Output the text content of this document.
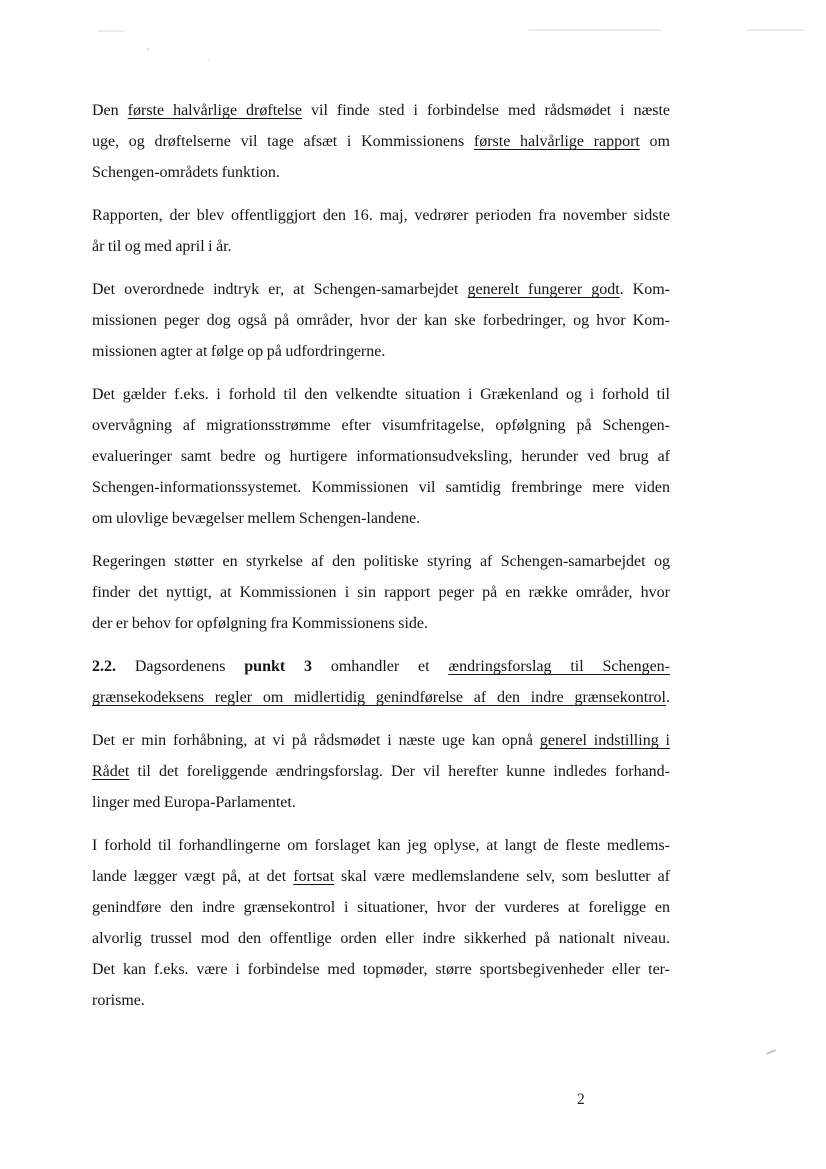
ʻ	ˌ
Den første halvårlige drøftelse vil finde sted i forbindelse med rådsmødet i næste
uge, og drøftelserne vil tage afsæt i Kommissionens første halvårlige rapport om
Schengen-områdets funktion.
Rapporten, der blev offentliggjort den 16. maj, vedrører perioden fra november sidste
år til og med april i år.
Det overordnede indtryk er, at Schengen-samarbejdet generelt fungerer godt. Kom-
missionen peger dog også på områder, hvor der kan ske forbedringer, og hvor Kom-
missionen agter at følge op på udfordringerne.
Det gælder f.eks. i forhold til den velkendte situation i Grækenland og i forhold til
overvågning af migrationsstrømme efter visumfritagelse, opfølgning på Schengen-
evalueringer samt bedre og hurtigere informationsudveksling, herunder ved brug af
Schengen-informationssystemet. Kommissionen vil samtidig frembringe mere viden
om ulovlige bevægelser mellem Schengen-landene.
Regeringen støtter en styrkelse af den politiske styring af Schengen-samarbejdet og
finder det nyttigt, at Kommissionen i sin rapport peger på en række områder, hvor
der er behov for opfølgning fra Kommissionens side.
2.2. Dagsordenens punkt 3 omhandler et ændringsforslag til Schengen-
grænsekodeksens regler om midlertidig genindførelse af den indre grænsekontrol.
Det er min forhåbning, at vi på rådsmødet i næste uge kan opnå generel indstilling i
Rådet til det foreliggende ændringsforslag. Der vil herefter kunne indledes forhand-
linger med Europa-Parlamentet.
I forhold til forhandlingerne om forslaget kan jeg oplyse, at langt de fleste medlems-
lande lægger vægt på, at det fortsat skal være medlemslandene selv, som beslutter af
genindføre den indre grænsekontrol i situationer, hvor der vurderes at foreligge en
alvorlig trussel mod den offentlige orden eller indre sikkerhed på nationalt niveau.
Det kan f.eks. være i forbindelse med topmøder, større sportsbegivenheder eller ter-
rorisme.
2
